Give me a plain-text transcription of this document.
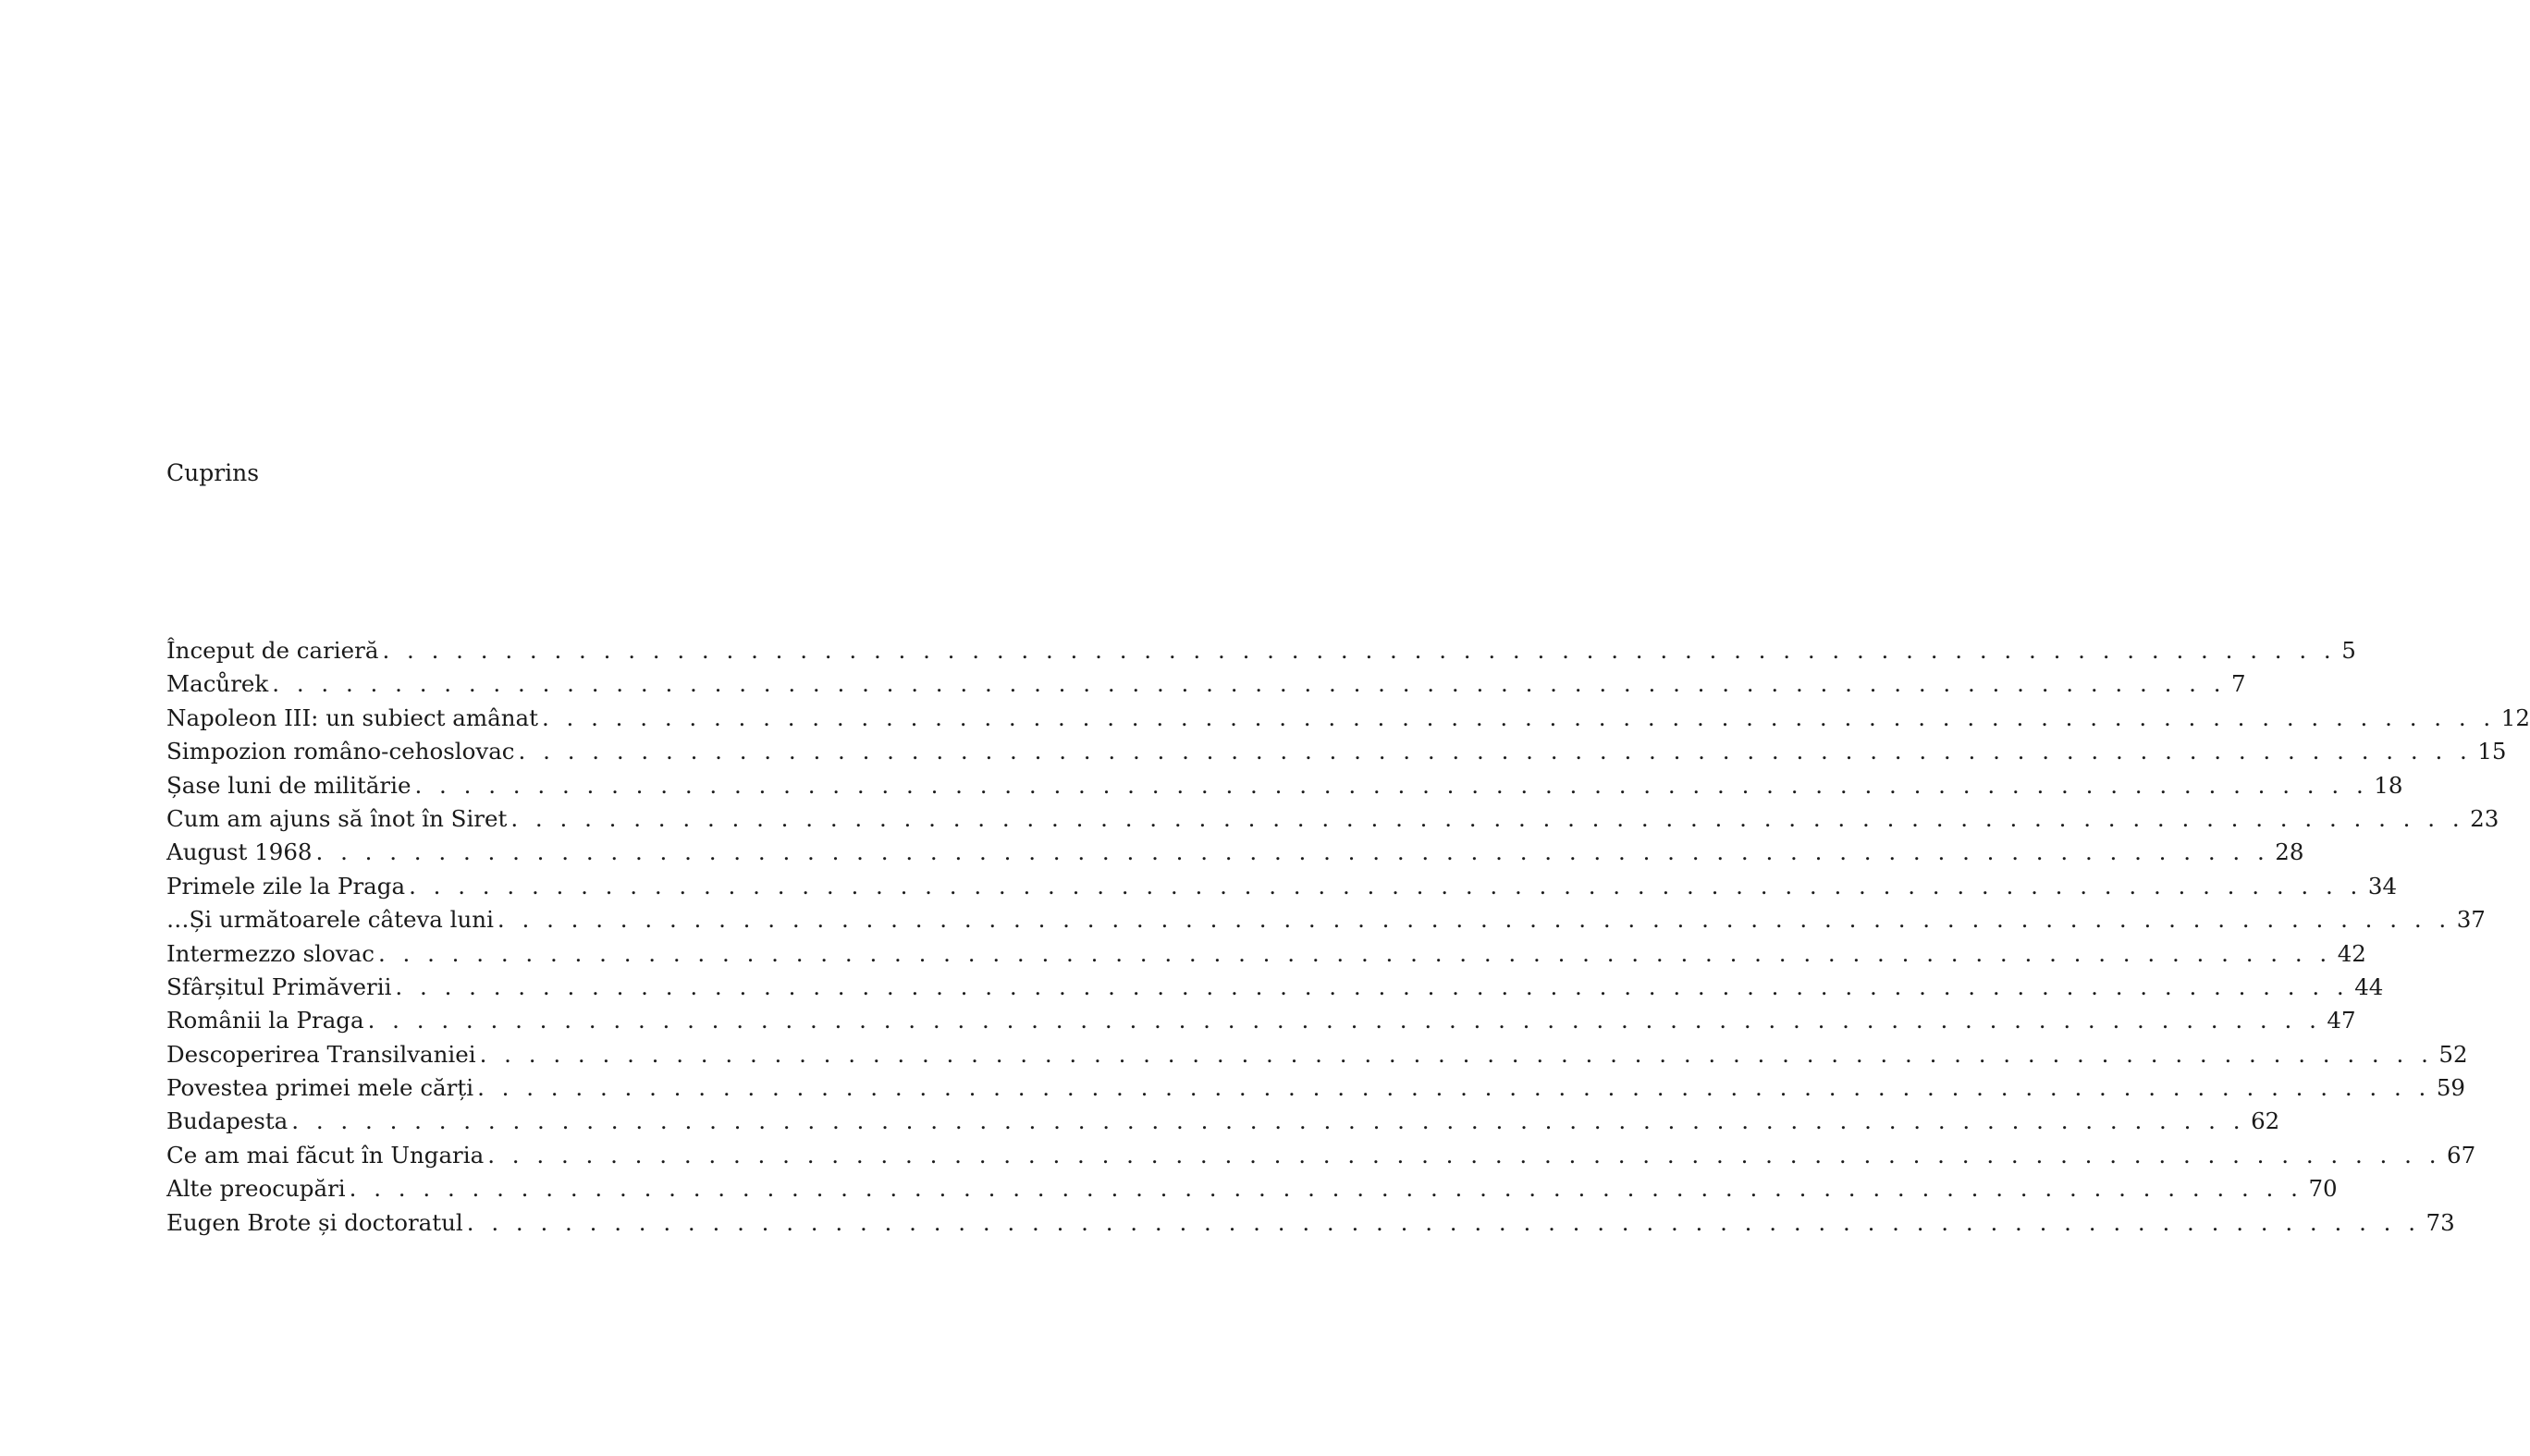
Cuprins
Început de carieră . . . . . . . . . . . . . . . . . . . . . . . . . . . . . . . . . . . . . . . . . . . . . . . . . . . . . . . . . . . . . . . . . . . . . . . . . . . . . . . . 5
Macůrek . . . . . . . . . . . . . . . . . . . . . . . . . . . . . . . . . . . . . . . . . . . . . . . . . . . . . . . . . . . . . . . . . . . . . . . . . . . . . . . . 7
Napoleon III: un subiect amânat . . . . . . . . . . . . . . . . . . . . . . . . . . . . . . . . . . . . . . . . . . . . . . . . . . . . . . . . . . . . . . . . . . . . . . . . . . . . . . . . 12
Simpozion româno-cehoslovac . . . . . . . . . . . . . . . . . . . . . . . . . . . . . . . . . . . . . . . . . . . . . . . . . . . . . . . . . . . . . . . . . . . . . . . . . . . . . . . . 15
Șase luni de militărie . . . . . . . . . . . . . . . . . . . . . . . . . . . . . . . . . . . . . . . . . . . . . . . . . . . . . . . . . . . . . . . . . . . . . . . . . . . . . . . . 18
Cum am ajuns să înot în Siret . . . . . . . . . . . . . . . . . . . . . . . . . . . . . . . . . . . . . . . . . . . . . . . . . . . . . . . . . . . . . . . . . . . . . . . . . . . . . . . . 23
August 1968 . . . . . . . . . . . . . . . . . . . . . . . . . . . . . . . . . . . . . . . . . . . . . . . . . . . . . . . . . . . . . . . . . . . . . . . . . . . . . . . . 28
Primele zile la Praga . . . . . . . . . . . . . . . . . . . . . . . . . . . . . . . . . . . . . . . . . . . . . . . . . . . . . . . . . . . . . . . . . . . . . . . . . . . . . . . . 34
…Și următoarele câteva luni . . . . . . . . . . . . . . . . . . . . . . . . . . . . . . . . . . . . . . . . . . . . . . . . . . . . . . . . . . . . . . . . . . . . . . . . . . . . . . . . 37
Intermezzo slovac . . . . . . . . . . . . . . . . . . . . . . . . . . . . . . . . . . . . . . . . . . . . . . . . . . . . . . . . . . . . . . . . . . . . . . . . . . . . . . . . 42
Sfârșitul Primăverii . . . . . . . . . . . . . . . . . . . . . . . . . . . . . . . . . . . . . . . . . . . . . . . . . . . . . . . . . . . . . . . . . . . . . . . . . . . . . . . . 44
Românii la Praga . . . . . . . . . . . . . . . . . . . . . . . . . . . . . . . . . . . . . . . . . . . . . . . . . . . . . . . . . . . . . . . . . . . . . . . . . . . . . . . . 47
Descoperirea Transilvaniei . . . . . . . . . . . . . . . . . . . . . . . . . . . . . . . . . . . . . . . . . . . . . . . . . . . . . . . . . . . . . . . . . . . . . . . . . . . . . . . . 52
Povestea primei mele cărți . . . . . . . . . . . . . . . . . . . . . . . . . . . . . . . . . . . . . . . . . . . . . . . . . . . . . . . . . . . . . . . . . . . . . . . . . . . . . . . . 59
Budapesta . . . . . . . . . . . . . . . . . . . . . . . . . . . . . . . . . . . . . . . . . . . . . . . . . . . . . . . . . . . . . . . . . . . . . . . . . . . . . . . . 62
Ce am mai făcut în Ungaria . . . . . . . . . . . . . . . . . . . . . . . . . . . . . . . . . . . . . . . . . . . . . . . . . . . . . . . . . . . . . . . . . . . . . . . . . . . . . . . . 67
Alte preocupări . . . . . . . . . . . . . . . . . . . . . . . . . . . . . . . . . . . . . . . . . . . . . . . . . . . . . . . . . . . . . . . . . . . . . . . . . . . . . . . . 70
Eugen Brote și doctoratul . . . . . . . . . . . . . . . . . . . . . . . . . . . . . . . . . . . . . . . . . . . . . . . . . . . . . . . . . . . . . . . . . . . . . . . . . . . . . . . . 73
